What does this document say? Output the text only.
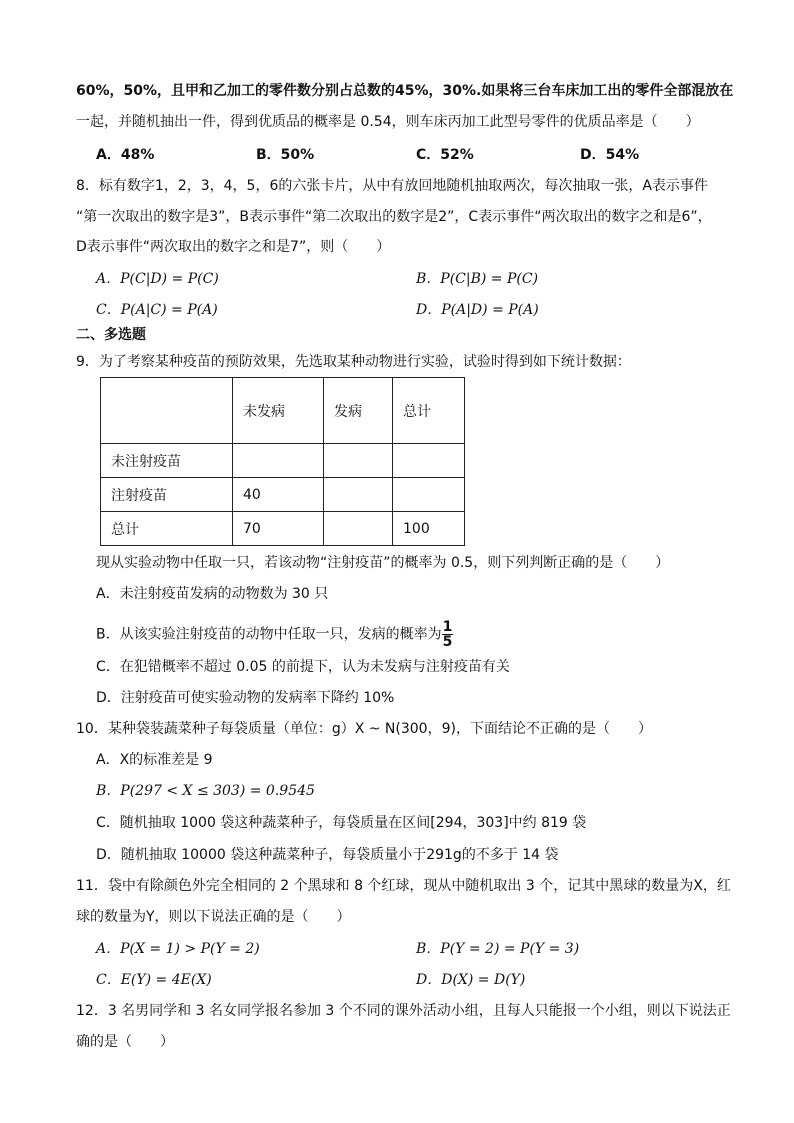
60%，50%，且甲和乙加工的零件数分别占总数的45%，30%.如果将三台车床加工出的零件全部混放在
一起，并随机抽出一件，得到优质品的概率是 0.54，则车床丙加工此型号零件的优质品率是（　　）
A．48%	B．50%	C．52%	D．54%
8．标有数字1，2，3，4，5，6的六张卡片，从中有放回地随机抽取两次，每次抽取一张，A表示事件
“第一次取出的数字是3”，B表示事件“第二次取出的数字是2”，C表示事件“两次取出的数字之和是6”，
D表示事件“两次取出的数字之和是7”，则（　　）
A．P(C|D) = P(C)	B．P(C|B) = P(C)
C．P(A|C) = P(A)	D．P(A|D) = P(A)
二、多选题
9．为了考察某种疫苗的预防效果，先选取某种动物进行实验，试验时得到如下统计数据：
	未发病	发病	总计
未注射疫苗			
注射疫苗	40		
总计	70		100
现从实验动物中任取一只，若该动物“注射疫苗”的概率为 0.5，则下列判断正确的是（　　）
A．未注射疫苗发病的动物数为 30 只
B．从该实验注射疫苗的动物中任取一只，发病的概率为 $\frac{1}{5}$
C．在犯错概率不超过 0.05 的前提下，认为未发病与注射疫苗有关
D．注射疫苗可使实验动物的发病率下降约 10%
10．某种袋装蔬菜种子每袋质量（单位：g）X ~ N(300，9)，下面结论不正确的是（　　）
A．X的标准差是 9
B．P(297 < X ≤ 303) = 0.9545
C．随机抽取 1000 袋这种蔬菜种子，每袋质量在区间[294，303]中约 819 袋
D．随机抽取 10000 袋这种蔬菜种子，每袋质量小于291g的不多于 14 袋
11．袋中有除颜色外完全相同的 2 个黑球和 8 个红球，现从中随机取出 3 个，记其中黑球的数量为X，红
球的数量为Y，则以下说法正确的是（　　）
A．P(X = 1) > P(Y = 2)	B．P(Y = 2) = P(Y = 3)
C．E(Y) = 4E(X)	D．D(X) = D(Y)
12．3 名男同学和 3 名女同学报名参加 3 个不同的课外活动小组，且每人只能报一个小组，则以下说法正
确的是（　　）
